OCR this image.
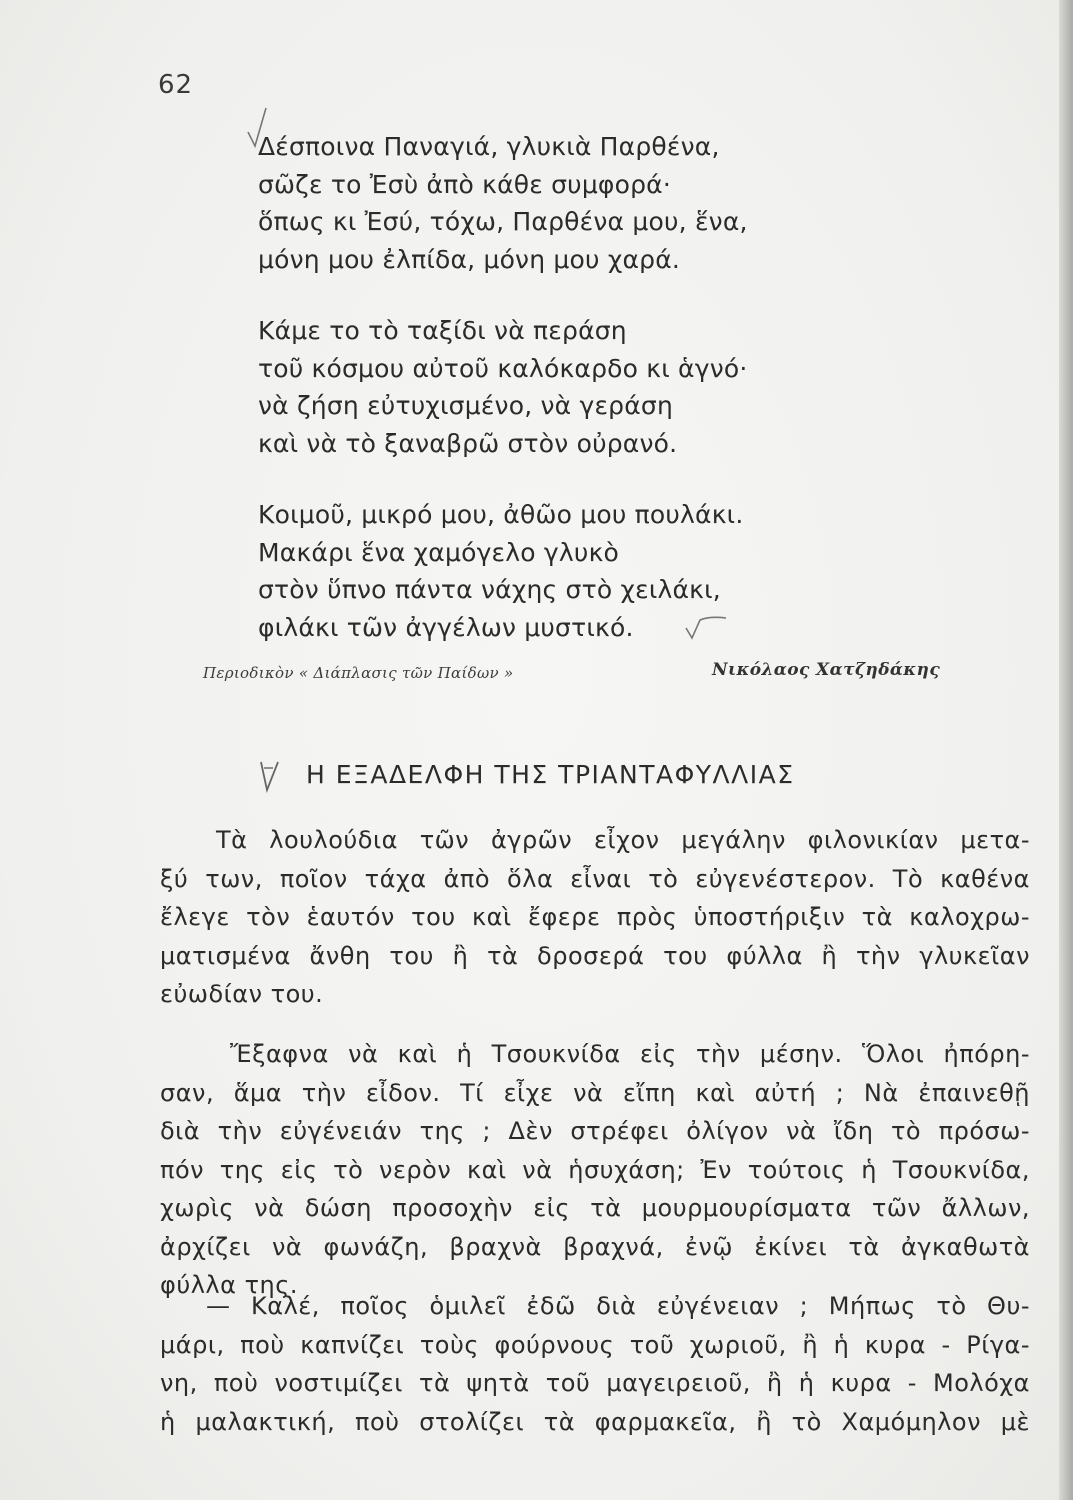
62
Δέσποινα Παναγιά, γλυκιὰ Παρθένα,
σῶζε το Ἐσὺ ἀπὸ κάθε συμφορά·
ὅπως κι Ἐσύ, τόχω, Παρθένα μου, ἕνα,
μόνη μου ἐλπίδα, μόνη μου χαρά.
Κάμε το τὸ ταξίδι νὰ περάση
τοῦ κόσμου αὐτοῦ καλόκαρδο κι ἁγνό·
νὰ ζήση εὐτυχισμένο, νὰ γεράση
καὶ νὰ τὸ ξαναβρῶ στὸν οὐρανό.
Κοιμοῦ, μικρό μου, ἀθῶο μου πουλάκι.
Μακάρι ἕνα χαμόγελο γλυκὸ
στὸν ὕπνο πάντα νάχης στὸ χειλάκι,
φιλάκι τῶν ἀγγέλων μυστικό.
Περιοδικὸν « Διάπλασις τῶν Παίδων »	Νικόλαος Χατζηδάκης
Η ΕΞΑΔΕΛΦΗ ΤΗΣ ΤΡΙΑΝΤΑΦΥΛΛΙΑΣ
Τὰ λουλούδια τῶν ἀγρῶν εἶχον μεγάλην φιλονικίαν μετα-
ξύ των, ποῖον τάχα ἀπὸ ὅλα εἶναι τὸ εὐγενέστερον. Τὸ καθένα
ἔλεγε τὸν ἑαυτόν του καὶ ἔφερε πρὸς ὑποστήριξιν τὰ καλοχρω-
ματισμένα ἄνθη του ἢ τὰ δροσερά του φύλλα ἢ τὴν γλυκεῖαν
εὐωδίαν του.
Ἔξαφνα νὰ καὶ ἡ Τσουκνίδα εἰς τὴν μέσην. Ὅλοι ἠπόρη-
σαν, ἅμα τὴν εἶδον. Τί εἶχε νὰ εἴπη καὶ αὐτή ; Νὰ ἐπαινεθῇ
διὰ τὴν εὐγένειάν της ; Δὲν στρέφει ὀλίγον νὰ ἴδη τὸ πρόσω-
πόν της εἰς τὸ νερὸν καὶ νὰ ἡσυχάση; Ἐν τούτοις ἡ Τσουκνίδα,
χωρὶς νὰ δώση προσοχὴν εἰς τὰ μουρμουρίσματα τῶν ἄλλων,
ἀρχίζει νὰ φωνάζη, βραχνὰ βραχνά, ἐνῷ ἐκίνει τὰ ἀγκαθωτὰ
φύλλα της.
— Καλέ, ποῖος ὁμιλεῖ ἐδῶ διὰ εὐγένειαν ; Μήπως τὸ Θυ-
μάρι, ποὺ καπνίζει τοὺς φούρνους τοῦ χωριοῦ, ἢ ἡ κυρα - Ρίγα-
νη, ποὺ νοστιμίζει τὰ ψητὰ τοῦ μαγειρειοῦ, ἢ ἡ κυρα - Μολόχα
ἡ μαλακτική, ποὺ στολίζει τὰ φαρμακεῖα, ἢ τὸ Χαμόμηλον μὲ
